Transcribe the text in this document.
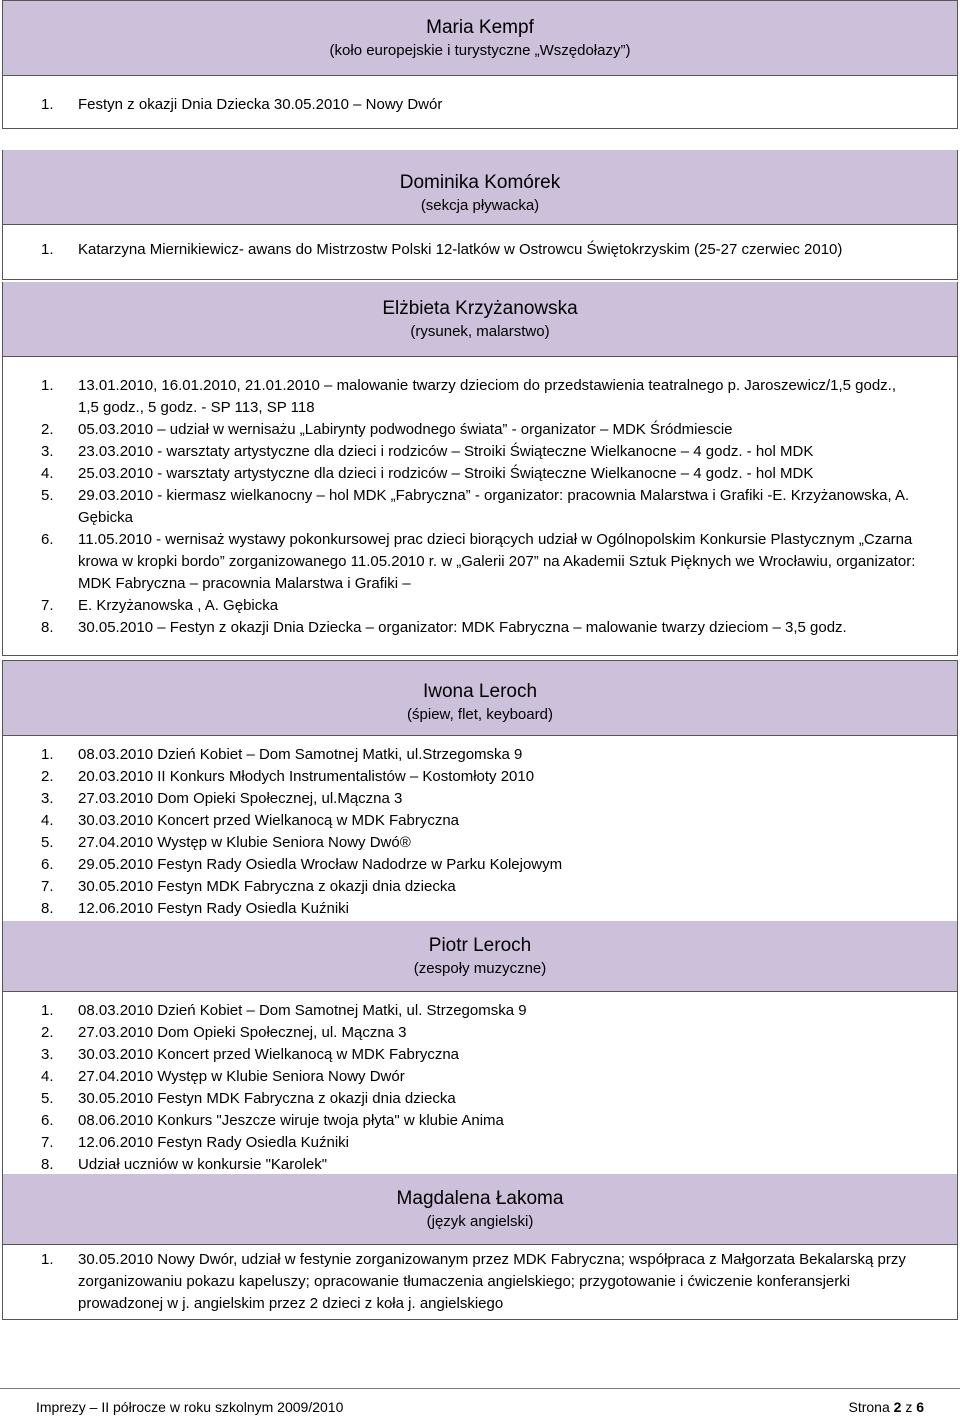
Maria Kempf
(koło europejskie i turystyczne „Wszędołazy”)
1.	Festyn z okazji Dnia Dziecka 30.05.2010 – Nowy Dwór
Dominika Komórek
(sekcja pływacka)
1.	Katarzyna Miernikiewicz- awans do Mistrzostw Polski 12-latków w Ostrowcu Świętokrzyskim (25-27 czerwiec 2010)
Elżbieta Krzyżanowska
(rysunek, malarstwo)
1.	13.01.2010, 16.01.2010, 21.01.2010 – malowanie twarzy dzieciom do przedstawienia teatralnego p. Jaroszewicz/1,5 godz., 1,5 godz., 5 godz. - SP 113, SP 118
2.	05.03.2010 – udział w wernisażu „Labirynty podwodnego świata” - organizator – MDK Śródmiescie
3.	23.03.2010 - warsztaty artystyczne dla dzieci i rodziców – Stroiki Świąteczne Wielkanocne – 4 godz. - hol MDK
4.	25.03.2010 - warsztaty artystyczne dla dzieci i rodziców – Stroiki Świąteczne Wielkanocne – 4 godz. - hol MDK
5.	29.03.2010 - kiermasz wielkanocny – hol MDK „Fabryczna” - organizator: pracownia Malarstwa i Grafiki -E. Krzyżanowska, A. Gębicka
6.	11.05.2010 - wernisaż wystawy pokonkursowej prac dzieci biorących udział w Ogólnopolskim Konkursie Plastycznym „Czarna krowa w kropki bordo” zorganizowanego 11.05.2010 r. w „Galerii 207” na Akademii Sztuk Pięknych we Wrocławiu, organizator: MDK Fabryczna – pracownia Malarstwa i Grafiki –
7.	E. Krzyżanowska , A. Gębicka
8.	30.05.2010 – Festyn z okazji Dnia Dziecka – organizator: MDK Fabryczna – malowanie twarzy dzieciom – 3,5 godz.
Iwona Leroch
(śpiew, flet, keyboard)
1.	08.03.2010 Dzień Kobiet – Dom Samotnej Matki, ul.Strzegomska 9
2.	20.03.2010 II Konkurs Młodych Instrumentalistów – Kostomłoty 2010
3.	27.03.2010 Dom Opieki Społecznej, ul.Mączna 3
4.	30.03.2010 Koncert przed Wielkanocą w MDK Fabryczna
5.	27.04.2010 Występ w Klubie Seniora Nowy Dwó®
6.	29.05.2010 Festyn Rady Osiedla Wrocław Nadodrze w Parku Kolejowym
7.	30.05.2010 Festyn MDK Fabryczna z okazji dnia dziecka
8.	12.06.2010 Festyn Rady Osiedla Kuźniki
Piotr Leroch
(zespoły muzyczne)
1.	08.03.2010 Dzień Kobiet – Dom Samotnej Matki, ul. Strzegomska 9
2.	27.03.2010 Dom Opieki Społecznej, ul. Mączna 3
3.	30.03.2010 Koncert przed Wielkanocą w MDK Fabryczna
4.	27.04.2010 Występ w Klubie Seniora Nowy Dwór
5.	30.05.2010 Festyn MDK Fabryczna z okazji dnia dziecka
6.	08.06.2010 Konkurs "Jeszcze wiruje twoja płyta" w klubie Anima
7.	12.06.2010 Festyn Rady Osiedla Kuźniki
8.	Udział uczniów w konkursie "Karolek"
Magdalena Łakoma
(język angielski)
1.	30.05.2010 Nowy Dwór, udział w festynie zorganizowanym przez MDK Fabryczna; współpraca z Małgorzata Bekalarską przy zorganizowaniu pokazu kapeluszy; opracowanie tłumaczenia angielskiego; przygotowanie i ćwiczenie konferansjerki prowadzonej w j. angielskim przez 2 dzieci z koła j. angielskiego
Imprezy – II półrocze w roku szkolnym 2009/2010	Strona 2 z 6
